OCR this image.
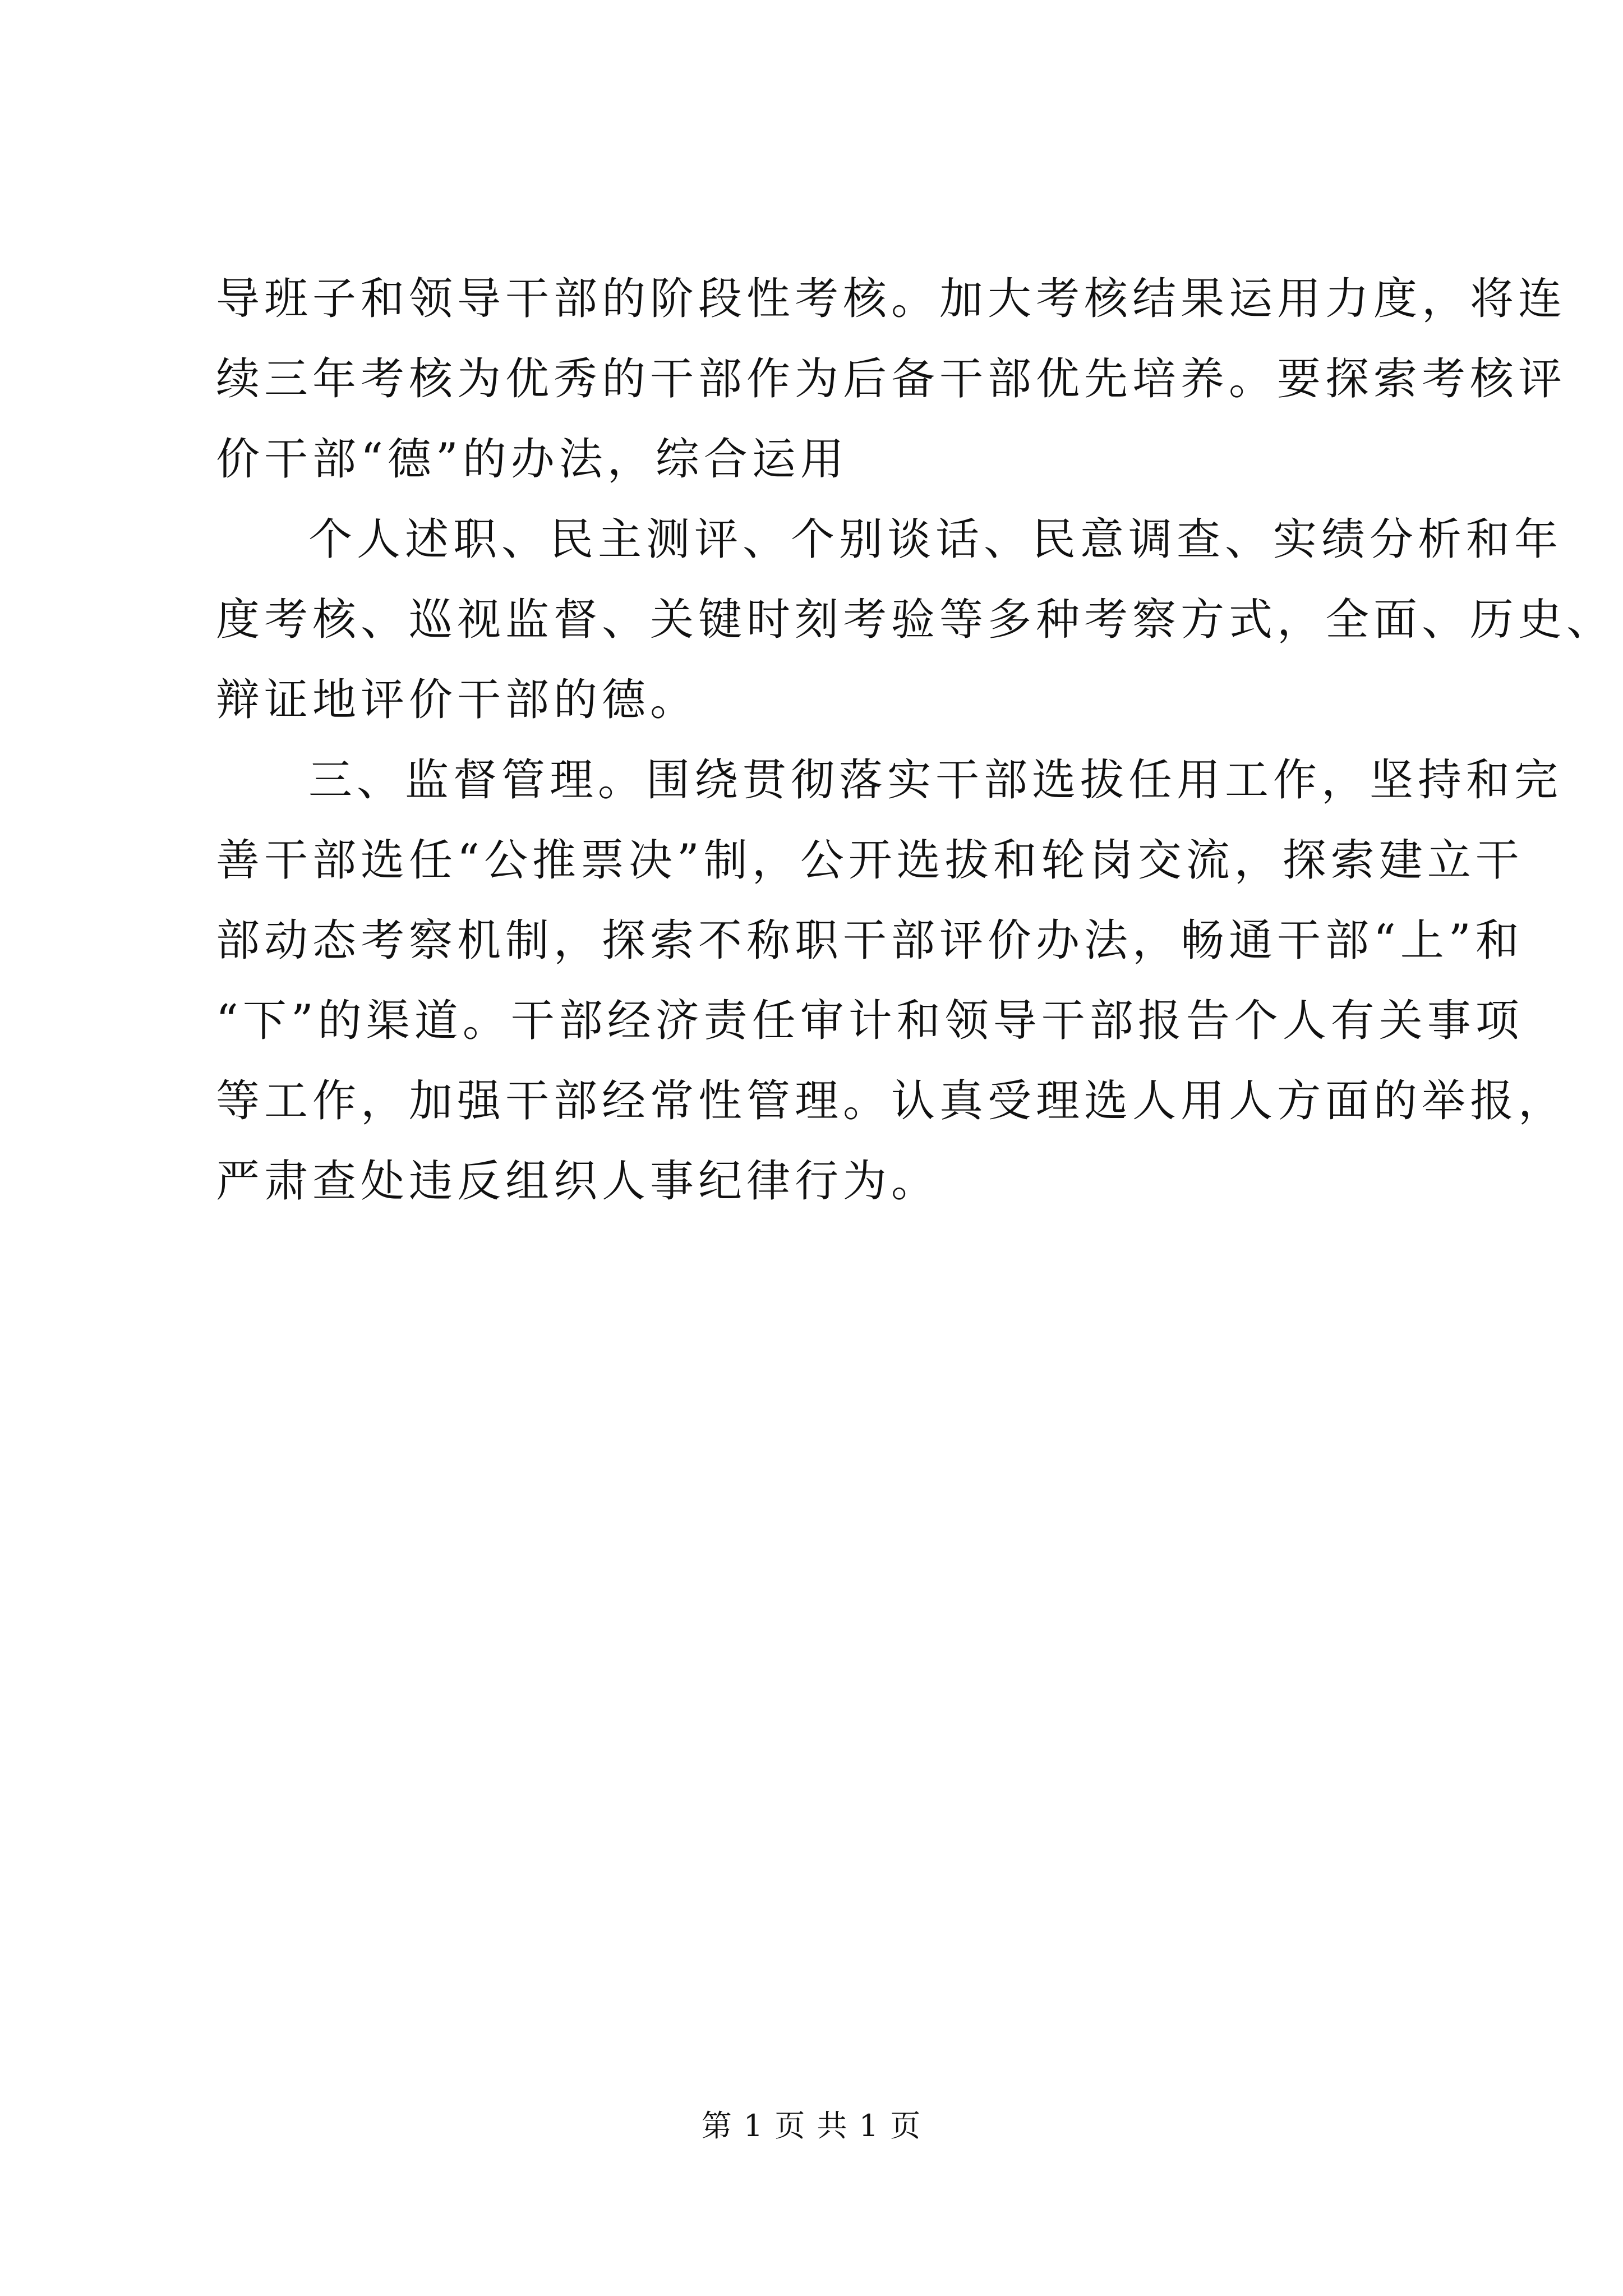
导班子和领导干部的阶段性考核。加大考核结果运用力度，将连
续三年考核为优秀的干部作为后备干部优先培养。要探索考核评
价干部“德”的办法，综合运用
个人述职、民主测评、个别谈话、民意调查、实绩分析和年
度考核、巡视监督、关键时刻考验等多种考察方式，全面、历史、
辩证地评价干部的德。
三、监督管理。围绕贯彻落实干部选拔任用工作，坚持和完
善干部选任“公推票决”制，公开选拔和轮岗交流，探索建立干
部动态考察机制，探索不称职干部评价办法，畅通干部“上”和
“下”的渠道。干部经济责任审计和领导干部报告个人有关事项
等工作，加强干部经常性管理。认真受理选人用人方面的举报，
严肃查处违反组织人事纪律行为。
第 1 页 共 1 页
